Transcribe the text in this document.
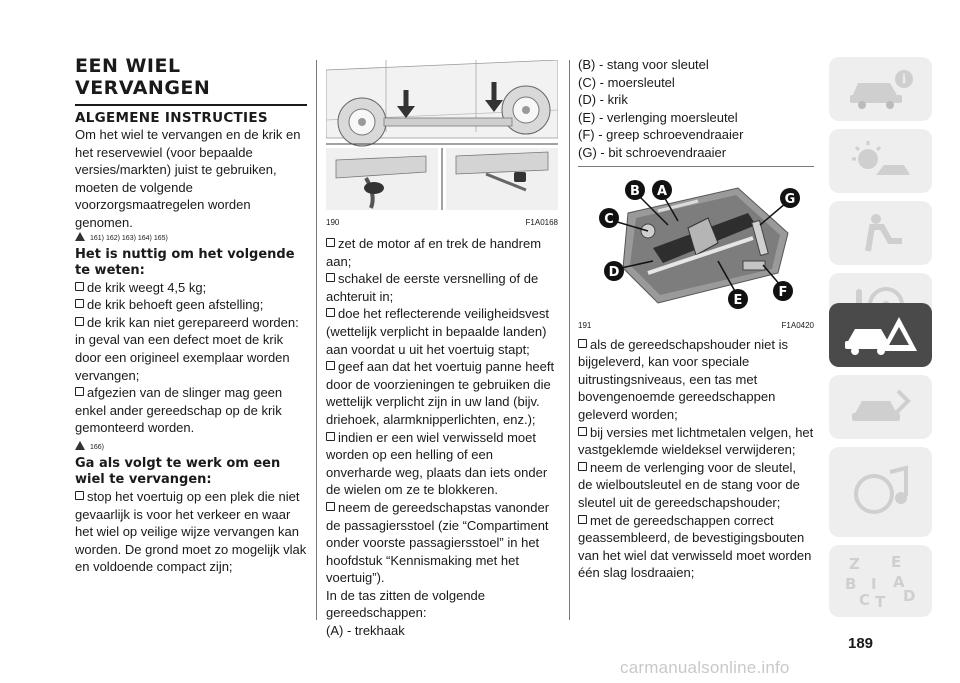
EEN WIEL
VERVANGEN
ALGEMENE INSTRUCTIES

Om het wiel te vervangen en de krik en het reservewiel (voor bepaalde versies/markten) juist te gebruiken, moeten de volgende voorzorgsmaatregelen worden genomen.

161) 162) 163) 164) 165)
Het is nuttig om het volgende te weten:
de krik weegt 4,5 kg;
de krik behoeft geen afstelling;
de krik kan niet gerepareerd worden: in geval van een defect moet de krik door een origineel exemplaar worden vervangen;
afgezien van de slinger mag geen enkel ander gereedschap op de krik gemonteerd worden.
166)
Ga als volgt te werk om een wiel te vervangen:
stop het voertuig op een plek die niet gevaarlijk is voor het verkeer en waar het wiel op veilige wijze vervangen kan worden. De grond moet zo mogelijk vlak en voldoende compact zijn;
190	F1A0168
zet de motor af en trek de handrem aan;
schakel de eerste versnelling of de achteruit in;
doe het reflecterende veiligheidsvest (wettelijk verplicht in bepaalde landen) aan voordat u uit het voertuig stapt;
geef aan dat het voertuig panne heeft door de voorzieningen te gebruiken die wettelijk verplicht zijn in uw land (bijv. driehoek, alarmknipperlichten, enz.);
indien er een wiel verwisseld moet worden op een helling of een onverharde weg, plaats dan iets onder de wielen om ze te blokkeren.
neem de gereedschapstas vanonder de passagiersstoel (zie “Compartiment onder voorste passagiersstoel” in het hoofdstuk “Kennismaking met het voertuig”).

In de tas zitten de volgende gereedschappen:

(A) - trekhaak

(B) - stang voor sleutel

(C) - moersleutel

(D) - krik

(E) - verlenging moersleutel

(F) - greep schroevendraaier

(G) - bit schroevendraaier

B A
C
D
E
F
G
191	F1A0420
als de gereedschapshouder niet is bijgeleverd, kan voor speciale uitrustingsniveaus, een tas met bovengenoemde gereedschappen geleverd worden;
bij versies met lichtmetalen velgen, het vastgeklemde wieldeksel verwijderen;
neem de verlenging voor de sleutel, de wielboutsleutel en de stang voor de sleutel uit de gereedschapshouder;
met de gereedschappen correct geassembleerd, de bevestigingsbouten van het wiel dat verwisseld moet worden één slag losdraaien;
i
Z E
B A
C T D
I
189
carmanualsonline.info
